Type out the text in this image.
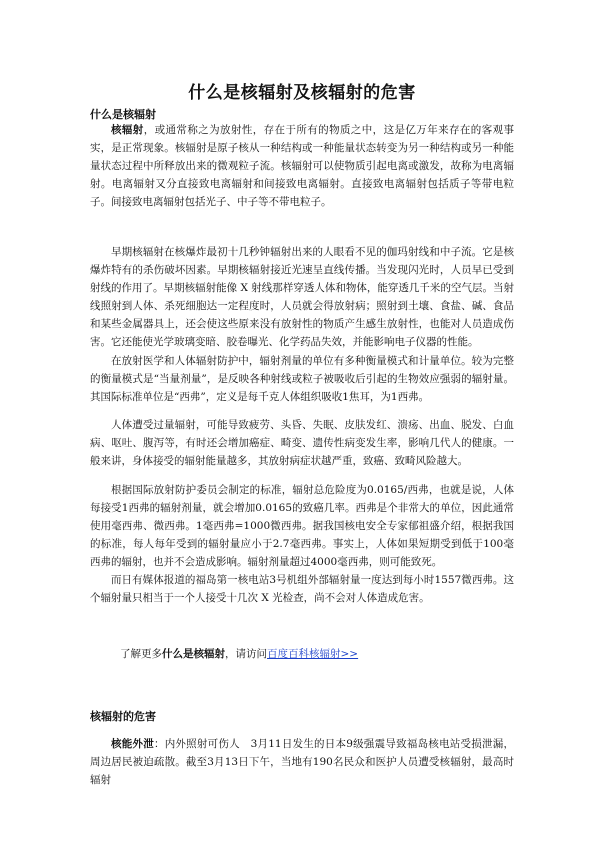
什么是核辐射及核辐射的危害
什么是核辐射

核辐射，或通常称之为放射性，存在于所有的物质之中，这是亿万年来存在的客观事实，是正常现象。核辐射是原子核从一种结构或一种能量状态转变为另一种结构或另一种能量状态过程中所释放出来的微观粒子流。核辐射可以使物质引起电离或激发，故称为电离辐射。电离辐射又分直接致电离辐射和间接致电离辐射。直接致电离辐射包括质子等带电粒子。间接致电离辐射包括光子、中子等不带电粒子。

早期核辐射在核爆炸最初十几秒钟辐射出来的人眼看不见的伽玛射线和中子流。它是核爆炸特有的杀伤破坏因素。早期核辐射接近光速呈直线传播。当发现闪光时，人员早已受到射线的作用了。早期核辐射能像 X 射线那样穿透人体和物体，能穿透几千米的空气层。当射线照射到人体、杀死细胞达一定程度时，人员就会得放射病；照射到土壤、食盐、碱、食品和某些金属器具上，还会使这些原来没有放射性的物质产生感生放射性，也能对人员造成伤害。它还能使光学玻璃变暗、胶卷曝光、化学药品失效，并能影响电子仪器的性能。

在放射医学和人体辐射防护中，辐射剂量的单位有多种衡量模式和计量单位。较为完整的衡量模式是“当量剂量”，是反映各种射线或粒子被吸收后引起的生物效应强弱的辐射量。其国际标准单位是“西弗”，定义是每千克人体组织吸收1焦耳，为1西弗。

人体遭受过量辐射，可能导致疲劳、头昏、失眠、皮肤发红、溃疡、出血、脱发、白血病、呕吐、腹泻等，有时还会增加癌症、畸变、遗传性病变发生率，影响几代人的健康。一般来讲，身体接受的辐射能量越多，其放射病症状越严重，致癌、致畸风险越大。

根据国际放射防护委员会制定的标准，辐射总危险度为0.0165/西弗，也就是说，人体每接受1西弗的辐射剂量，就会增加0.0165的致癌几率。西弗是个非常大的单位，因此通常使用毫西弗、微西弗。1毫西弗=1000微西弗。据我国核电安全专家郁祖盛介绍，根据我国的标准，每人每年受到的辐射量应小于2.7毫西弗。事实上，人体如果短期受到低于100毫西弗的辐射，也并不会造成影响。辐射剂量超过4000毫西弗，则可能致死。

而日有媒体报道的福岛第一核电站3号机组外部辐射量一度达到每小时1557微西弗。这个辐射量只相当于一个人接受十几次 X 光检查，尚不会对人体造成危害。

了解更多什么是核辐射，请访问百度百科核辐射>>
核辐射的危害

核能外泄：内外照射可伤人　3月11日发生的日本9级强震导致福岛核电站受损泄漏，周边居民被迫疏散。截至3月13日下午，当地有190名民众和医护人员遭受核辐射，最高时辐射
